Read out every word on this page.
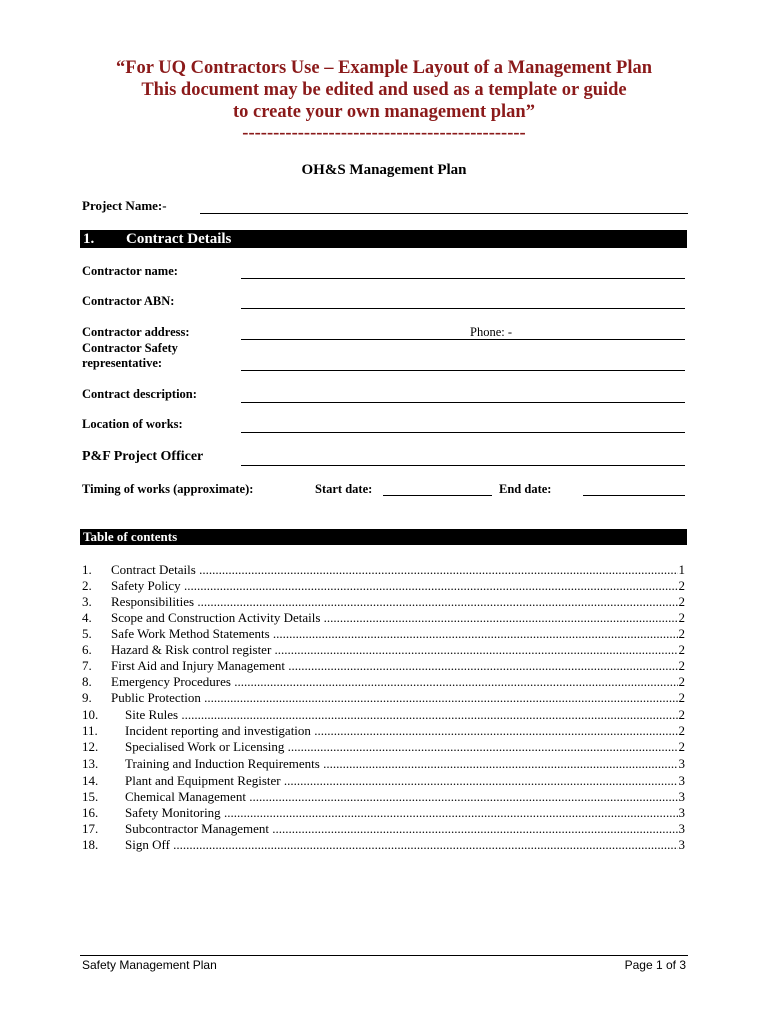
“For UQ Contractors Use – Example Layout of a Management Plan
This document may be edited and used as a template or guide
to create your own management plan”
----------------------------------------------
OH&S Management Plan
Project Name:-
1. Contract Details
Contractor name:
Contractor ABN:
Contractor address:	Phone: -
Contractor Safety
representative:
Contract description:
Location of works:
P&F Project Officer
Timing of works (approximate):	Start date:	End date:
Table of contents
1. Contract Details .....	1
2. Safety Policy .....	2
3. Responsibilities .....	2
4. Scope and Construction Activity Details .....	2
5. Safe Work Method Statements .....	2
6. Hazard & Risk control register .....	2
7. First Aid and Injury Management .....	2
8. Emergency Procedures .....	2
9. Public Protection .....	2
10. Site Rules .....	2
11. Incident reporting and investigation .....	2
12. Specialised Work or Licensing .....	2
13. Training and Induction Requirements .....	3
14. Plant and Equipment Register .....	3
15. Chemical Management .....	3
16. Safety Monitoring .....	3
17. Subcontractor Management .....	3
18. Sign Off .....	3
Safety Management Plan	Page 1 of 3
